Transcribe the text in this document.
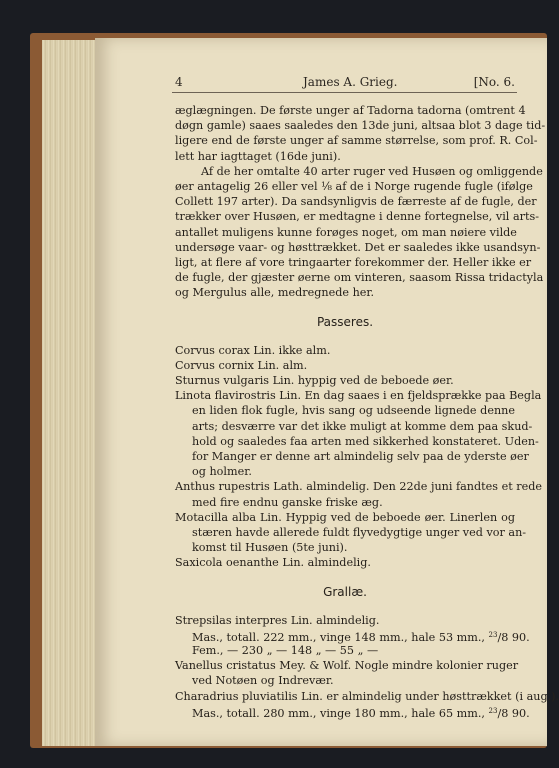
4	James A. Grieg.	[No. 6.
æglægningen. De første unger af Tadorna tadorna (omtrent 4
døgn gamle) saaes saaledes den 13de juni, altsaa blot 3 dage tid-
ligere end de første unger af samme størrelse, som prof. R. Col-
lett har iagttaget (16de juni).
Af de her omtalte 40 arter ruger ved Husøen og omliggende
øer antagelig 26 eller vel ⅛ af de i Norge rugende fugle (ifølge
Collett 197 arter). Da sandsynligvis de færreste af de fugle, der
trækker over Husøen, er medtagne i denne fortegnelse, vil arts-
antallet muligens kunne forøges noget, om man nøiere vilde
undersøge vaar- og høsttrækket. Det er saaledes ikke usandsyn-
ligt, at flere af vore tringaarter forekommer der. Heller ikke er
de fugle, der gjæster øerne om vinteren, saasom Rissa tridactyla
og Mergulus alle, medregnede her.
Passeres.
Corvus corax Lin. ikke alm.
Corvus cornix Lin. alm.
Sturnus vulgaris Lin. hyppig ved de beboede øer.
Linota flavirostris Lin. En dag saaes i en fjeldsprække paa Begla
en liden flok fugle, hvis sang og udseende lignede denne
arts; desværre var det ikke muligt at komme dem paa skud-
hold og saaledes faa arten med sikkerhed konstateret. Uden-
for Manger er denne art almindelig selv paa de yderste øer
og holmer.
Anthus rupestris Lath. almindelig. Den 22de juni fandtes et rede
med fire endnu ganske friske æg.
Motacilla alba Lin. Hyppig ved de beboede øer. Linerlen og
stæren havde allerede fuldt flyvedygtige unger ved vor an-
komst til Husøen (5te juni).
Saxicola oenanthe Lin. almindelig.
Grallæ.
Strepsilas interpres Lin. almindelig.
Mas., totall. 222 mm., vinge 148 mm., hale 53 mm., $^{23}$/8 90.
Fem., — 230 „ — 148 „ — 55 „ —
Vanellus cristatus Mey. & Wolf. Nogle mindre kolonier ruger
ved Notøen og Indrevær.
Charadrius pluviatilis Lin. er almindelig under høsttrækket (i aug.).
Mas., totall. 280 mm., vinge 180 mm., hale 65 mm., $^{23}$/8 90.
